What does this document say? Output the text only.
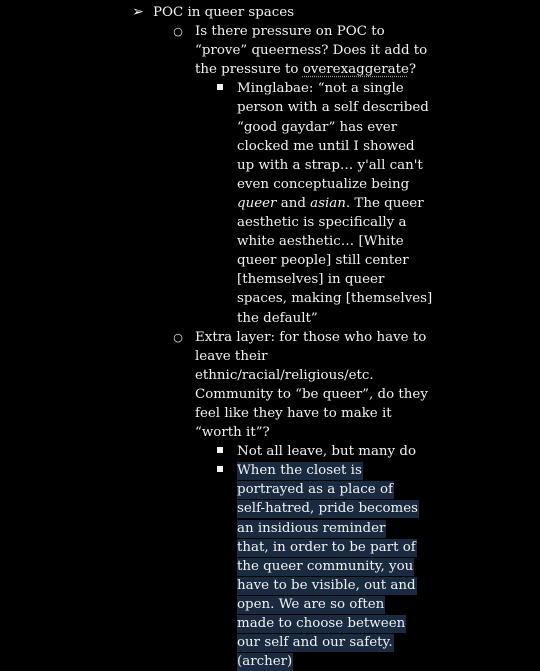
➢ POC in queer spaces
○ Is there pressure on POC to “prove” queerness? Does it add to the pressure to overexaggerate?
Minglabae: “not a single person with a self described “good gaydar” has ever clocked me until I showed up with a strap… y'all can't even conceptualize being queer and asian. The queer aesthetic is specifically a white aesthetic… [White queer people] still center [themselves] in queer spaces, making [themselves] the default”
○ Extra layer: for those who have to leave their ethnic/racial/religious/etc. Community to “be queer”, do they feel like they have to make it “worth it”?
Not all leave, but many do
When the closet is portrayed as a place of self-hatred, pride becomes an insidious reminder that, in order to be part of the queer community, you have to be visible, out and open. We are so often made to choose between our self and our safety. (archer)
